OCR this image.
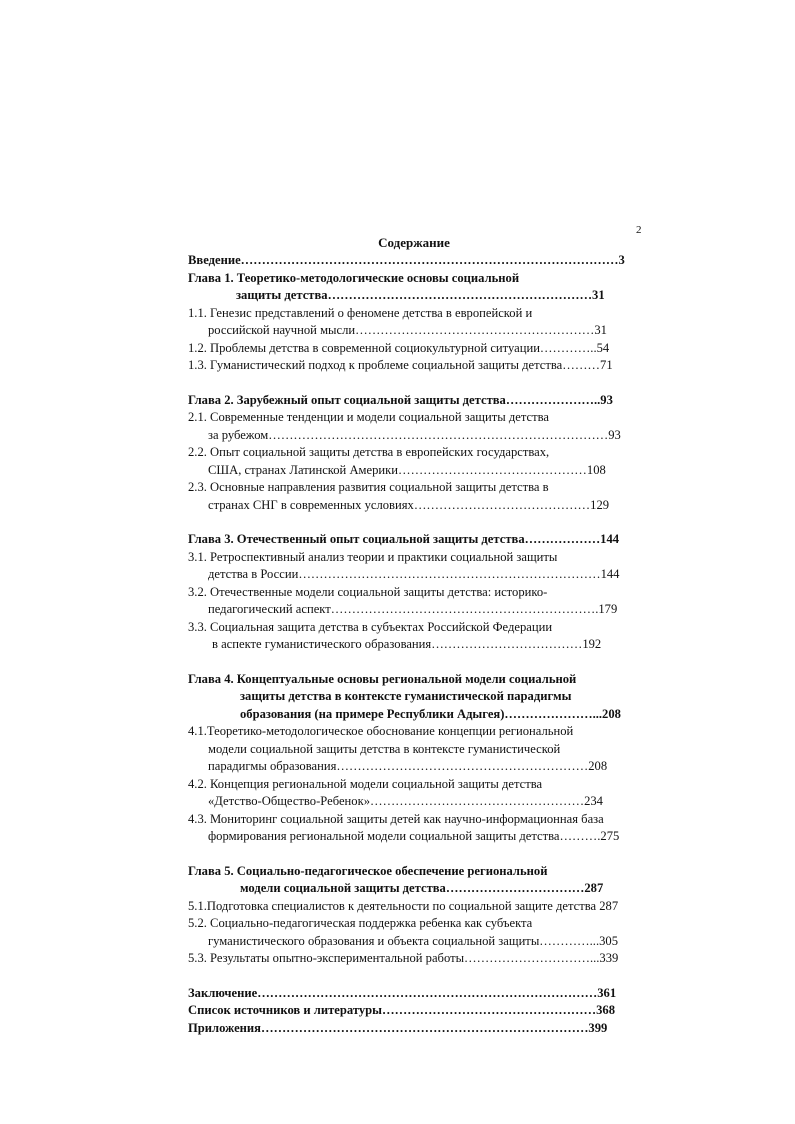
2
Содержание
Введение………………………………………………………………………………3
Глава 1. Теоретико-методологические основы социальной
защиты детства………………………………………………………31
1.1. Генезис представлений о феномене детства в европейской и
российской научной мысли…………………………………………………31
1.2. Проблемы детства в современной социокультурной ситуации…………..54
1.3. Гуманистический подход к проблеме социальной защиты детства………71
Глава 2. Зарубежный опыт социальной защиты детства…………………..93
2.1. Современные тенденции и модели социальной защиты детства
за рубежом………………………………………………………………………93
2.2. Опыт социальной защиты детства в европейских государствах,
США, странах Латинской Америки………………………………………108
2.3. Основные направления развития социальной защиты детства в
странах СНГ в современных условиях……………………………………129
Глава 3. Отечественный опыт социальной защиты детства………………144
3.1. Ретроспективный анализ теории и практики социальной защиты
детства в России………………………………………………………………144
3.2. Отечественные модели социальной защиты детства: историко-
педагогический аспект……………………………………………………….179
3.3. Социальная защита детства в субъектах Российской Федерации
в аспекте гуманистического образования………………………………192
Глава 4. Концептуальные основы региональной модели социальной
защиты детства в контексте гуманистической парадигмы
образования (на примере Республики Адыгея)…………………...208
4.1.Теоретико-методологическое обоснование концепции региональной
модели социальной защиты детства в контексте гуманистической
парадигмы образования……………………………………………………208
4.2. Концепция региональной модели социальной защиты детства
«Детство-Общество-Ребенок»……………………………………………234
4.3. Мониторинг социальной защиты детей как научно-информационная база
формирования региональной модели социальной защиты детства……….275
Глава 5. Социально-педагогическое обеспечение региональной
модели социальной защиты детства……………………………287
5.1.Подготовка специалистов к деятельности по социальной защите детства 287
5.2. Социально-педагогическая поддержка ребенка как субъекта
гуманистического образования и объекта социальной защиты…………...305
5.3. Результаты опытно-экспериментальной работы…………………………...339
Заключение………………………………………………………………………361
Список источников и литературы……………………………………………368
Приложения……………………………………………………………………399
